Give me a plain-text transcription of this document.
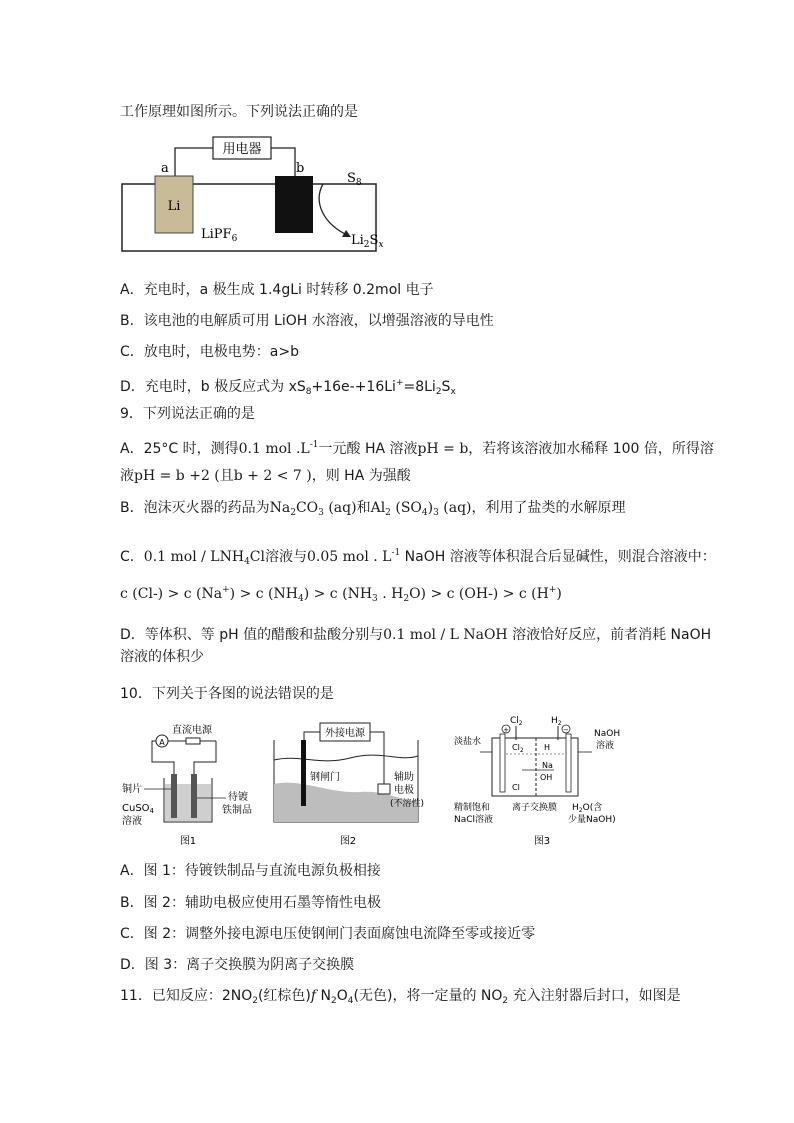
工作原理如图所示。下列说法正确的是
用电器
Li
a	b
LiPF$_6$
$S_8$
$Li_2S_x$
A．充电时，a 极生成 1.4gLi 时转移 0.2mol 电子
B．该电池的电解质可用 LiOH 水溶液，以增强溶液的导电性
C．放电时，电极电势：a>b
D．充电时，b 极反应式为 $xS_8+16e-+16Li^+=8Li_2S_x$
9．下列说法正确的是
A．25°C 时，测得0.1 mol $.L^{-1}$一元酸 HA 溶液pH = b，若将该溶液加水稀释 100 倍，所得溶
液pH = b +2 (且b + 2 < 7 )，则 HA 为强酸
B．泡沫灭火器的药品为$Na_2CO_3$ (aq)和$Al_2$ $(SO_4)_3$ (aq)，利用了盐类的水解原理
C．0.1 mol / $LNH_4Cl$溶液与0.05 mol . $L^{-1}$ NaOH 溶液等体积混合后显碱性，则混合溶液中：
c (Cl-) > c (Na+) > c $(NH_4) > c$ ($NH_3$ . $H_2O) > c$ (OH-) > c (H+)
D．等体积、等 pH 值的醋酸和盐酸分别与0.1 mol / L NaOH 溶液恰好反应，前者消耗 NaOH
溶液的体积少
10．下列关于各图的说法错误的是
直流电源
A
铜片
CuSO$_4$
溶液
待镀
铁制品
图1
外接电源
钢闸门	辅助
电极
(不溶性)
图2
$Cl_2$	$H_2$
+	−
$Cl_2$	H
Na
OH
Cl
淡盐水
NaOH
溶液
精制饱和
NaCl溶液
离子交换膜 $H_2O$(含
少量NaOH)
图3
A．图 1：待镀铁制品与直流电源负极相接
B．图 2：辅助电极应使用石墨等惰性电极
C．图 2：调整外接电源电压使钢闸门表面腐蚀电流降至零或接近零
D．图 3：离子交换膜为阴离子交换膜
11．已知反应：$2NO_2$(红棕色)f $N_2O_4$(无色)，将一定量的 $NO_2$ 充入注射器后封口，如图是
